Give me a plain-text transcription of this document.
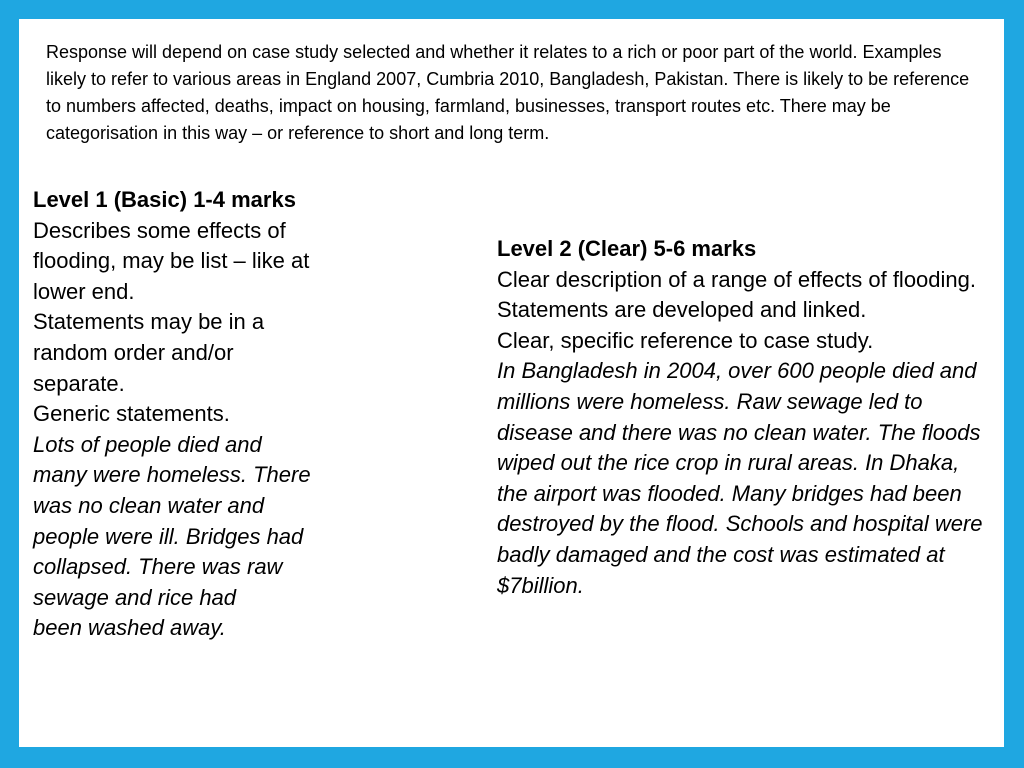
Response will depend on case study selected and whether it relates to a rich or poor part of the world. Examples likely to refer to various areas in England 2007, Cumbria 2010, Bangladesh, Pakistan. There is likely to be reference to numbers affected, deaths, impact on housing, farmland, businesses, transport routes etc. There may be categorisation in this way – or reference to short and long term.

Level 1 (Basic) 1-4 marks
Describes some effects of flooding, may be list – like at lower end.
Statements may be in a random order and/or separate.
Generic statements.
Lots of people died and many were homeless. There was no clean water and
people were ill. Bridges had collapsed. There was raw sewage and rice had
been washed away.
Level 2 (Clear) 5-6 marks
Clear description of a range of effects of flooding.
Statements are developed and linked.
Clear, specific reference to case study.
In Bangladesh in 2004, over 600 people died and millions were homeless. Raw sewage led to disease and there was no clean water. The floods wiped out the rice crop in rural areas. In Dhaka, the airport was flooded. Many bridges had been destroyed by the flood. Schools and hospital were badly damaged and the cost was estimated at $7billion.
